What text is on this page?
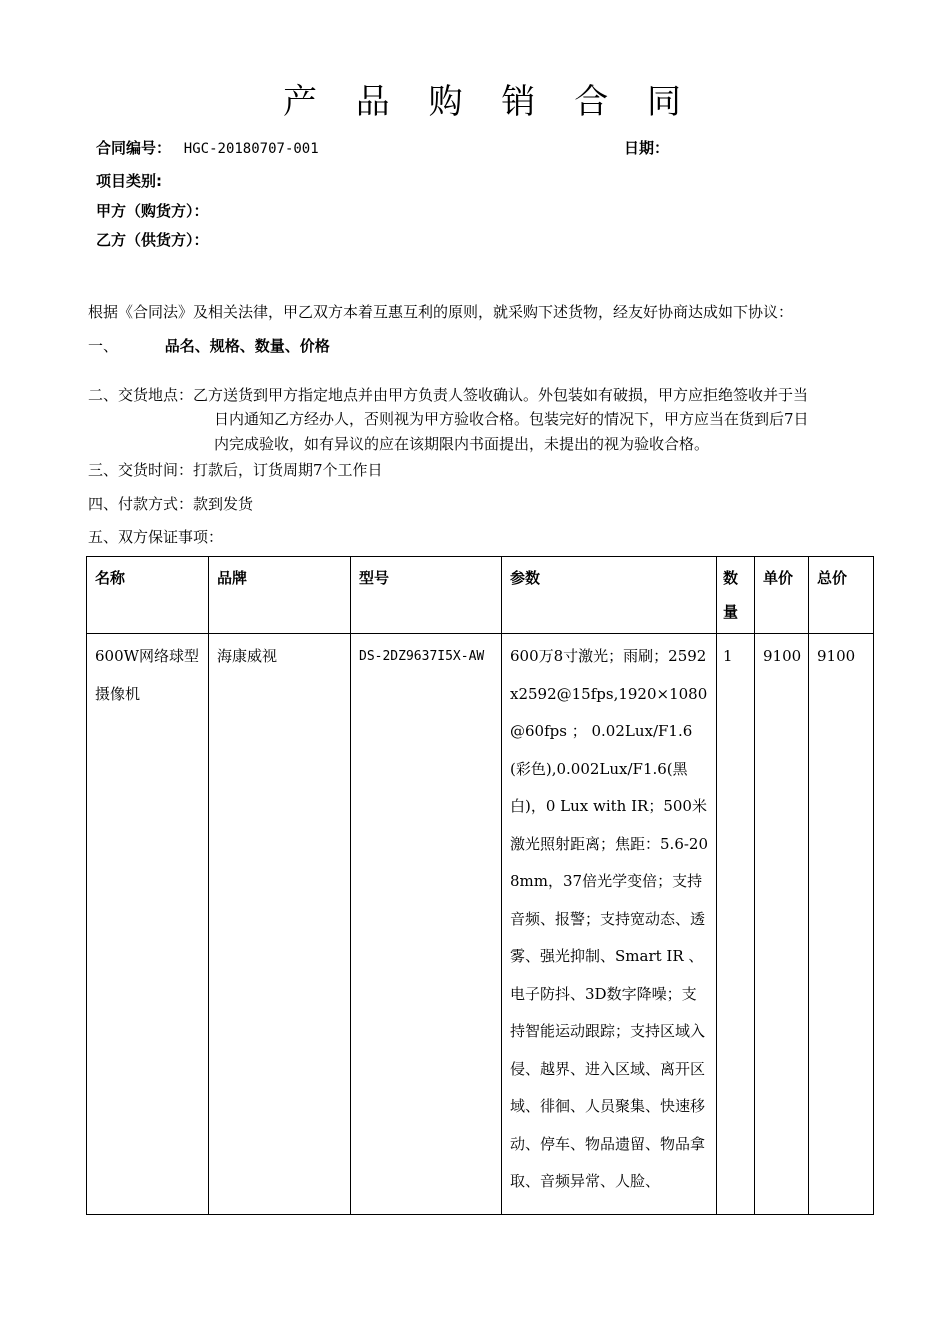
产 品 购 销 合 同
合同编号： HGC-20180707-001	日期：
项目类别:
甲方（购货方）：
乙方（供货方）：
根据《合同法》及相关法律，甲乙双方本着互惠互利的原则，就采购下述货物，经友好协商达成如下协议：
一、	品名、规格、数量、价格
二、交货地点：乙方送货到甲方指定地点并由甲方负责人签收确认。外包装如有破损，甲方应拒绝签收并于当
日内通知乙方经办人，否则视为甲方验收合格。包装完好的情况下，甲方应当在货到后7日
内完成验收，如有异议的应在该期限内书面提出，未提出的视为验收合格。
三、交货时间：打款后，订货周期7个工作日
四、付款方式：款到发货
五、双方保证事项：
名称	品牌	型号	参数	数量	单价	总价
600W网络球型摄像机	海康威视	DS-2DZ9637I5X-AW	600万8寸激光；雨刷；2592x2592@15fps,1920×1080@60fps ； 0.02Lux/F1.6(彩色),0.002Lux/F1.6(黑白)，0 Lux with IR；500米激光照射距离；焦距：5.6-208mm，37倍光学变倍；支持音频、报警；支持宽动态、透雾、强光抑制、Smart IR 、电子防抖、3D数字降噪；支持智能运动跟踪；支持区域入侵、越界、进入区域、离开区域、徘徊、人员聚集、快速移动、停车、物品遗留、物品拿取、音频异常、人脸、	1	9100	9100
